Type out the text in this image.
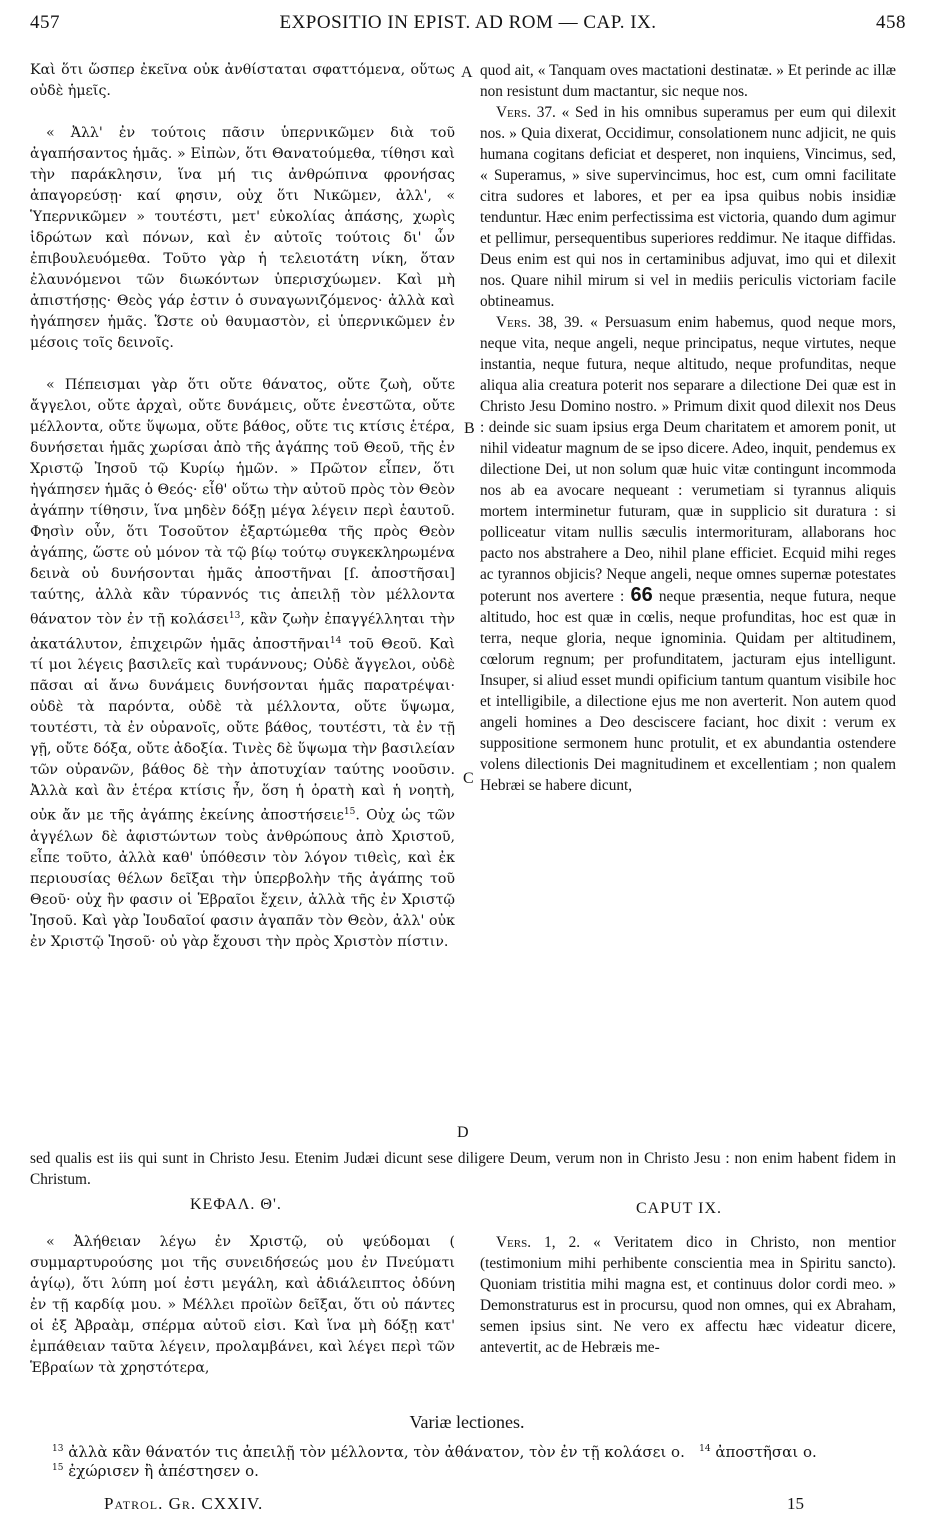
457	EXPOSITIO IN EPIST. AD ROM — CAP. IX.	458
A
B
C
D

Καὶ ὅτι ὥσπερ ἐκεῖνα οὐκ ἀνθίσταται σφαττόμενα, οὕτως οὐδὲ ἡμεῖς.

« Ἀλλ' ἐν τούτοις πᾶσιν ὑπερνικῶμεν διὰ τοῦ ἀγαπήσαντος ἡμᾶς. » Εἰπὼν, ὅτι Θανατούμεθα, τίθησι καὶ τὴν παράκλησιν, ἵνα μή τις ἀνθρώπινα φρονήσας ἀπαγορεύσῃ· καί φησιν, οὐχ ὅτι Νικῶμεν, ἀλλ', « Ὑπερνικῶμεν » τουτέστι, μετ' εὐκολίας ἁπάσης, χωρὶς ἱδρώτων καὶ πόνων, καὶ ἐν αὐτοῖς τούτοις δι' ὧν ἐπιβουλευόμεθα. Τοῦτο γὰρ ἡ τελειοτάτη νίκη, ὅταν ἐλαυνόμενοι τῶν διωκόντων ὑπερισχύωμεν. Καὶ μὴ ἀπιστήσῃς· Θεὸς γάρ ἐστιν ὁ συναγωνιζόμενος· ἀλλὰ καὶ ἠγάπησεν ἡμᾶς. Ὥστε οὐ θαυμαστὸν, εἰ ὑπερνικῶμεν ἐν μέσοις τοῖς δεινοῖς.

« Πέπεισμαι γὰρ ὅτι οὔτε θάνατος, οὔτε ζωὴ, οὔτε ἄγγελοι, οὔτε ἀρχαὶ, οὔτε δυνάμεις, οὔτε ἐνεστῶτα, οὔτε μέλλοντα, οὔτε ὕψωμα, οὔτε βάθος, οὔτε τις κτίσις ἑτέρα, δυνήσεται ἡμᾶς χωρίσαι ἀπὸ τῆς ἀγάπης τοῦ Θεοῦ, τῆς ἐν Χριστῷ Ἰησοῦ τῷ Κυρίῳ ἡμῶν. » Πρῶτον εἶπεν, ὅτι ἠγάπησεν ἡμᾶς ὁ Θεός· εἶθ' οὕτω τὴν αὐτοῦ πρὸς τὸν Θεὸν ἀγάπην τίθησιν, ἵνα μηδὲν δόξῃ μέγα λέγειν περὶ ἑαυτοῦ. Φησὶν οὖν, ὅτι Τοσοῦτον ἐξαρτώμεθα τῆς πρὸς Θεὸν ἀγάπης, ὥστε οὐ μόνον τὰ τῷ βίῳ τούτῳ συγκεκληρωμένα δεινὰ οὐ δυνήσονται ἡμᾶς ἀποστῆναι [ſ. ἀποστῆσαι] ταύτης, ἀλλὰ κἂν τύραννός τις ἀπειλῇ τὸν μέλλοντα θάνατον τὸν ἐν τῇ κολάσει$^{13}$, κἂν ζωὴν ἐπαγγέλληται τὴν ἀκατάλυτον, ἐπιχειρῶν ἡμᾶς ἀποστῆναι$^{14}$ τοῦ Θεοῦ. Καὶ τί μοι λέγεις βασιλεῖς καὶ τυράννους; Οὐδὲ ἄγγελοι, οὐδὲ πᾶσαι αἱ ἄνω δυνάμεις δυνήσονται ἡμᾶς παρατρέψαι· οὐδὲ τὰ παρόντα, οὐδὲ τὰ μέλλοντα, οὔτε ὕψωμα, τουτέστι, τὰ ἐν οὐρανοῖς, οὔτε βάθος, τουτέστι, τὰ ἐν τῇ γῇ, οὔτε δόξα, οὔτε ἀδοξία. Τινὲς δὲ ὕψωμα τὴν βασιλείαν τῶν οὐρανῶν, βάθος δὲ τὴν ἀποτυχίαν ταύτης νοοῦσιν. Ἀλλὰ καὶ ἂν ἑτέρα κτίσις ἦν, ὅση ἡ ὁρατὴ καὶ ἡ νοητὴ, οὐκ ἄν με τῆς ἀγάπης ἐκείνης ἀποστήσειε$^{15}$. Οὐχ ὡς τῶν ἀγγέλων δὲ ἀφιστώντων τοὺς ἀνθρώπους ἀπὸ Χριστοῦ, εἶπε τοῦτο, ἀλλὰ καθ' ὑπόθεσιν τὸν λόγον τιθεὶς, καὶ ἐκ περιουσίας θέλων δεῖξαι τὴν ὑπερβολὴν τῆς ἀγάπης τοῦ Θεοῦ· οὐχ ἣν φασιν οἱ Ἑβραῖοι ἔχειν, ἀλλὰ τῆς ἐν Χριστῷ Ἰησοῦ. Καὶ γὰρ Ἰουδαῖοί φασιν ἀγαπᾶν τὸν Θεὸν, ἀλλ' οὐκ ἐν Χριστῷ Ἰησοῦ· οὐ γὰρ ἔχουσι τὴν πρὸς Χριστὸν πίστιν.

quod ait, « Tanquam oves mactationi destinatæ. » Et perinde ac illæ non resistunt dum mactantur, sic neque nos.

Vers. 37. « Sed in his omnibus superamus per eum qui dilexit nos. » Quia dixerat, Occidimur, consolationem nunc adjicit, ne quis humana cogitans deficiat et desperet, non inquiens, Vincimus, sed, « Superamus, » sive supervincimus, hoc est, cum omni facilitate citra sudores et labores, et per ea ipsa quibus nobis insidiæ tenduntur. Hæc enim perfectissima est victoria, quando dum agimur et pellimur, persequentibus superiores reddimur. Ne itaque diffidas. Deus enim est qui nos in certaminibus adjuvat, imo qui et dilexit nos. Quare nihil mirum si vel in mediis periculis victoriam facile obtineamus.

Vers. 38, 39. « Persuasum enim habemus, quod neque mors, neque vita, neque angeli, neque principatus, neque virtutes, neque instantia, neque futura, neque altitudo, neque profunditas, neque aliqua alia creatura poterit nos separare a dilectione Dei quæ est in Christo Jesu Domino nostro. » Primum dixit quod dilexit nos Deus : deinde sic suam ipsius erga Deum charitatem et amorem ponit, ut nihil videatur magnum de se ipso dicere. Adeo, inquit, pendemus ex dilectione Dei, ut non solum quæ huic vitæ contingunt incommoda nos ab ea avocare nequeant : verumetiam si tyrannus aliquis mortem interminetur futuram, quæ in supplicio sit duratura : si polliceatur vitam nullis sæculis intermorituram, allaborans hoc pacto nos abstrahere a Deo, nihil plane efficiet. Ecquid mihi reges ac tyrannos objicis? Neque angeli, neque omnes supernæ potestates poterunt nos avertere : 66 neque præsentia, neque futura, neque altitudo, hoc est quæ in cœlis, neque profunditas, hoc est quæ in terra, neque gloria, neque ignominia. Quidam per altitudinem, cœlorum regnum; per profunditatem, jacturam ejus intelligunt. Insuper, si aliud esset mundi opificium tantum quantum visibile hoc et intelligibile, a dilectione ejus me non averterit. Non autem quod angeli homines a Deo desciscere faciant, hoc dixit : verum ex suppositione sermonem hunc protulit, et ex abundantia ostendere volens dilectionis Dei magnitudinem et excellentiam ; non qualem Hebræi se habere dicunt,

sed qualis est iis qui sunt in Christo Jesu. Etenim Judæi dicunt sese diligere Deum, verum non in Christo Jesu : non enim habent fidem in Christum.
ΚΕΦΑΛ. Θ'.	CAPUT IX.

« Ἀλήθειαν λέγω ἐν Χριστῷ, οὐ ψεύδομαι ( συμμαρτυρούσης μοι τῆς συνειδήσεώς μου ἐν Πνεύματι ἁγίῳ), ὅτι λύπη μοί ἐστι μεγάλη, καὶ ἀδιάλειπτος ὀδύνη ἐν τῇ καρδίᾳ μου. » Μέλλει προϊὼν δεῖξαι, ὅτι οὐ πάντες οἱ ἐξ Ἀβραὰμ, σπέρμα αὐτοῦ εἰσι. Καὶ ἵνα μὴ δόξῃ κατ' ἐμπάθειαν ταῦτα λέγειν, προλαμβάνει, καὶ λέγει περὶ τῶν Ἑβραίων τὰ χρηστότερα,

Vers. 1, 2. « Veritatem dico in Christo, non mentior (testimonium mihi perhibente conscientia mea in Spiritu sancto). Quoniam tristitia mihi magna est, et continuus dolor cordi meo. » Demonstraturus est in procursu, quod non omnes, qui ex Abraham, semen ipsius sint. Ne vero ex affectu hæc videatur dicere, antevertit, ac de Hebræis me-

Variæ lectiones.
$^{13}$ ἀλλὰ κἂν θάνατόν τις ἀπειλῇ τὸν μέλλοντα, τὸν ἀθάνατον, τὸν ἐν τῇ κολάσει ο. $^{14}$ ἀποστῆσαι ο.
$^{15}$ ἐχώρισεν ἢ ἀπέστησεν ο.
Patrol. Gr. CXXIV.	15
